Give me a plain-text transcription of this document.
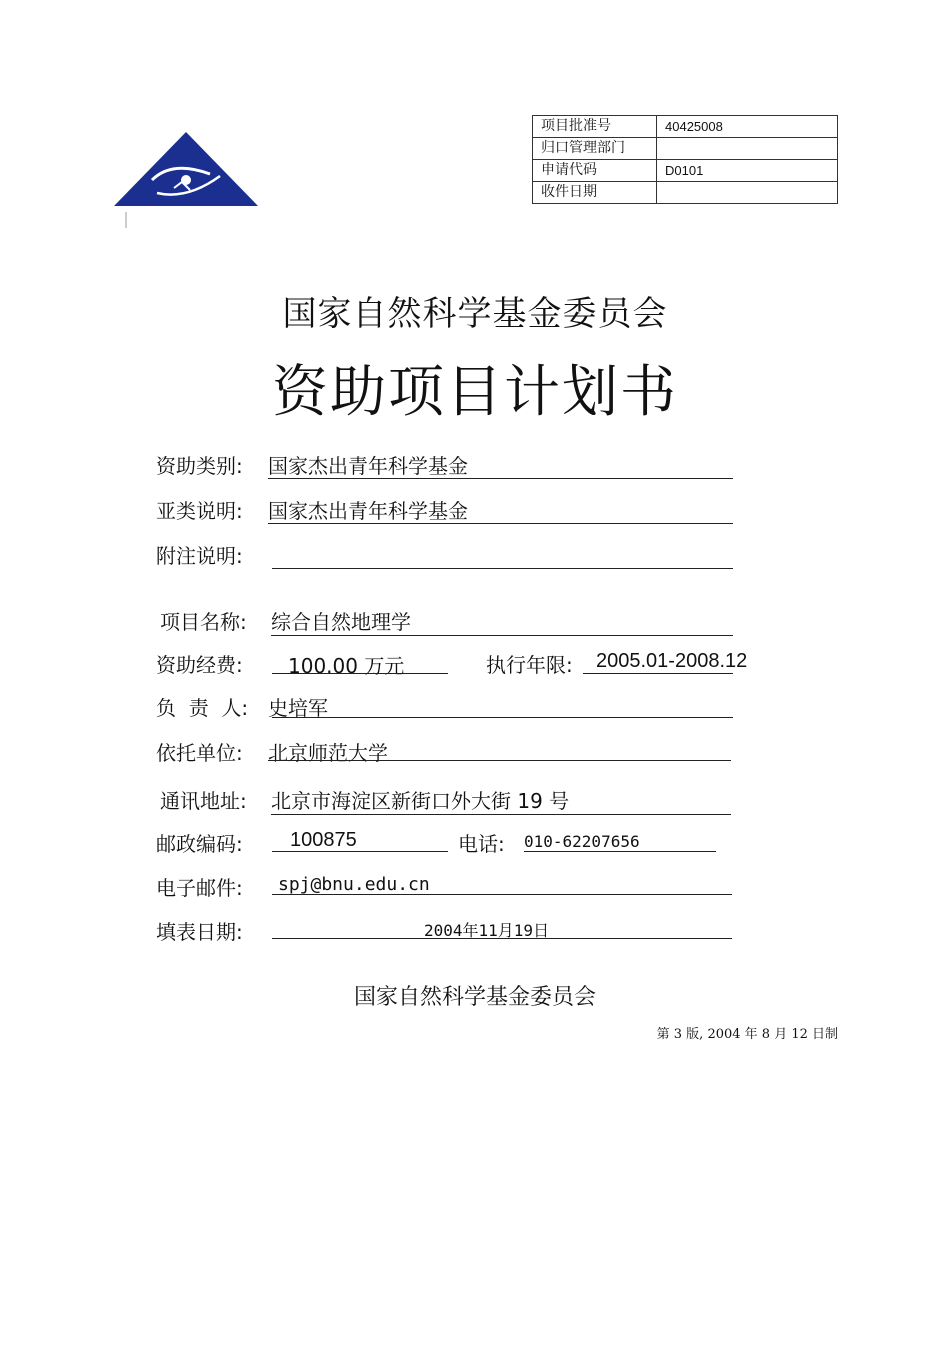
项目批准号	40425008
归口管理部门	
申请代码	D0101
收件日期	
国家自然科学基金委员会
资助项目计划书
资助类别: 国家杰出青年科学基金
亚类说明: 国家杰出青年科学基金
附注说明:
项目名称: 综合自然地理学
资助经费: 100.00 万元	执行年限: 2005.01-2008.12
负  责  人: 史培军
依托单位: 北京师范大学
通讯地址: 北京市海淀区新街口外大街 19 号
邮政编码: 100875	电话: 010-62207656
电子邮件: spj@bnu.edu.cn
填表日期:	2004年11月19日
国家自然科学基金委员会
第 3 版, 2004 年 8 月 12 日制
